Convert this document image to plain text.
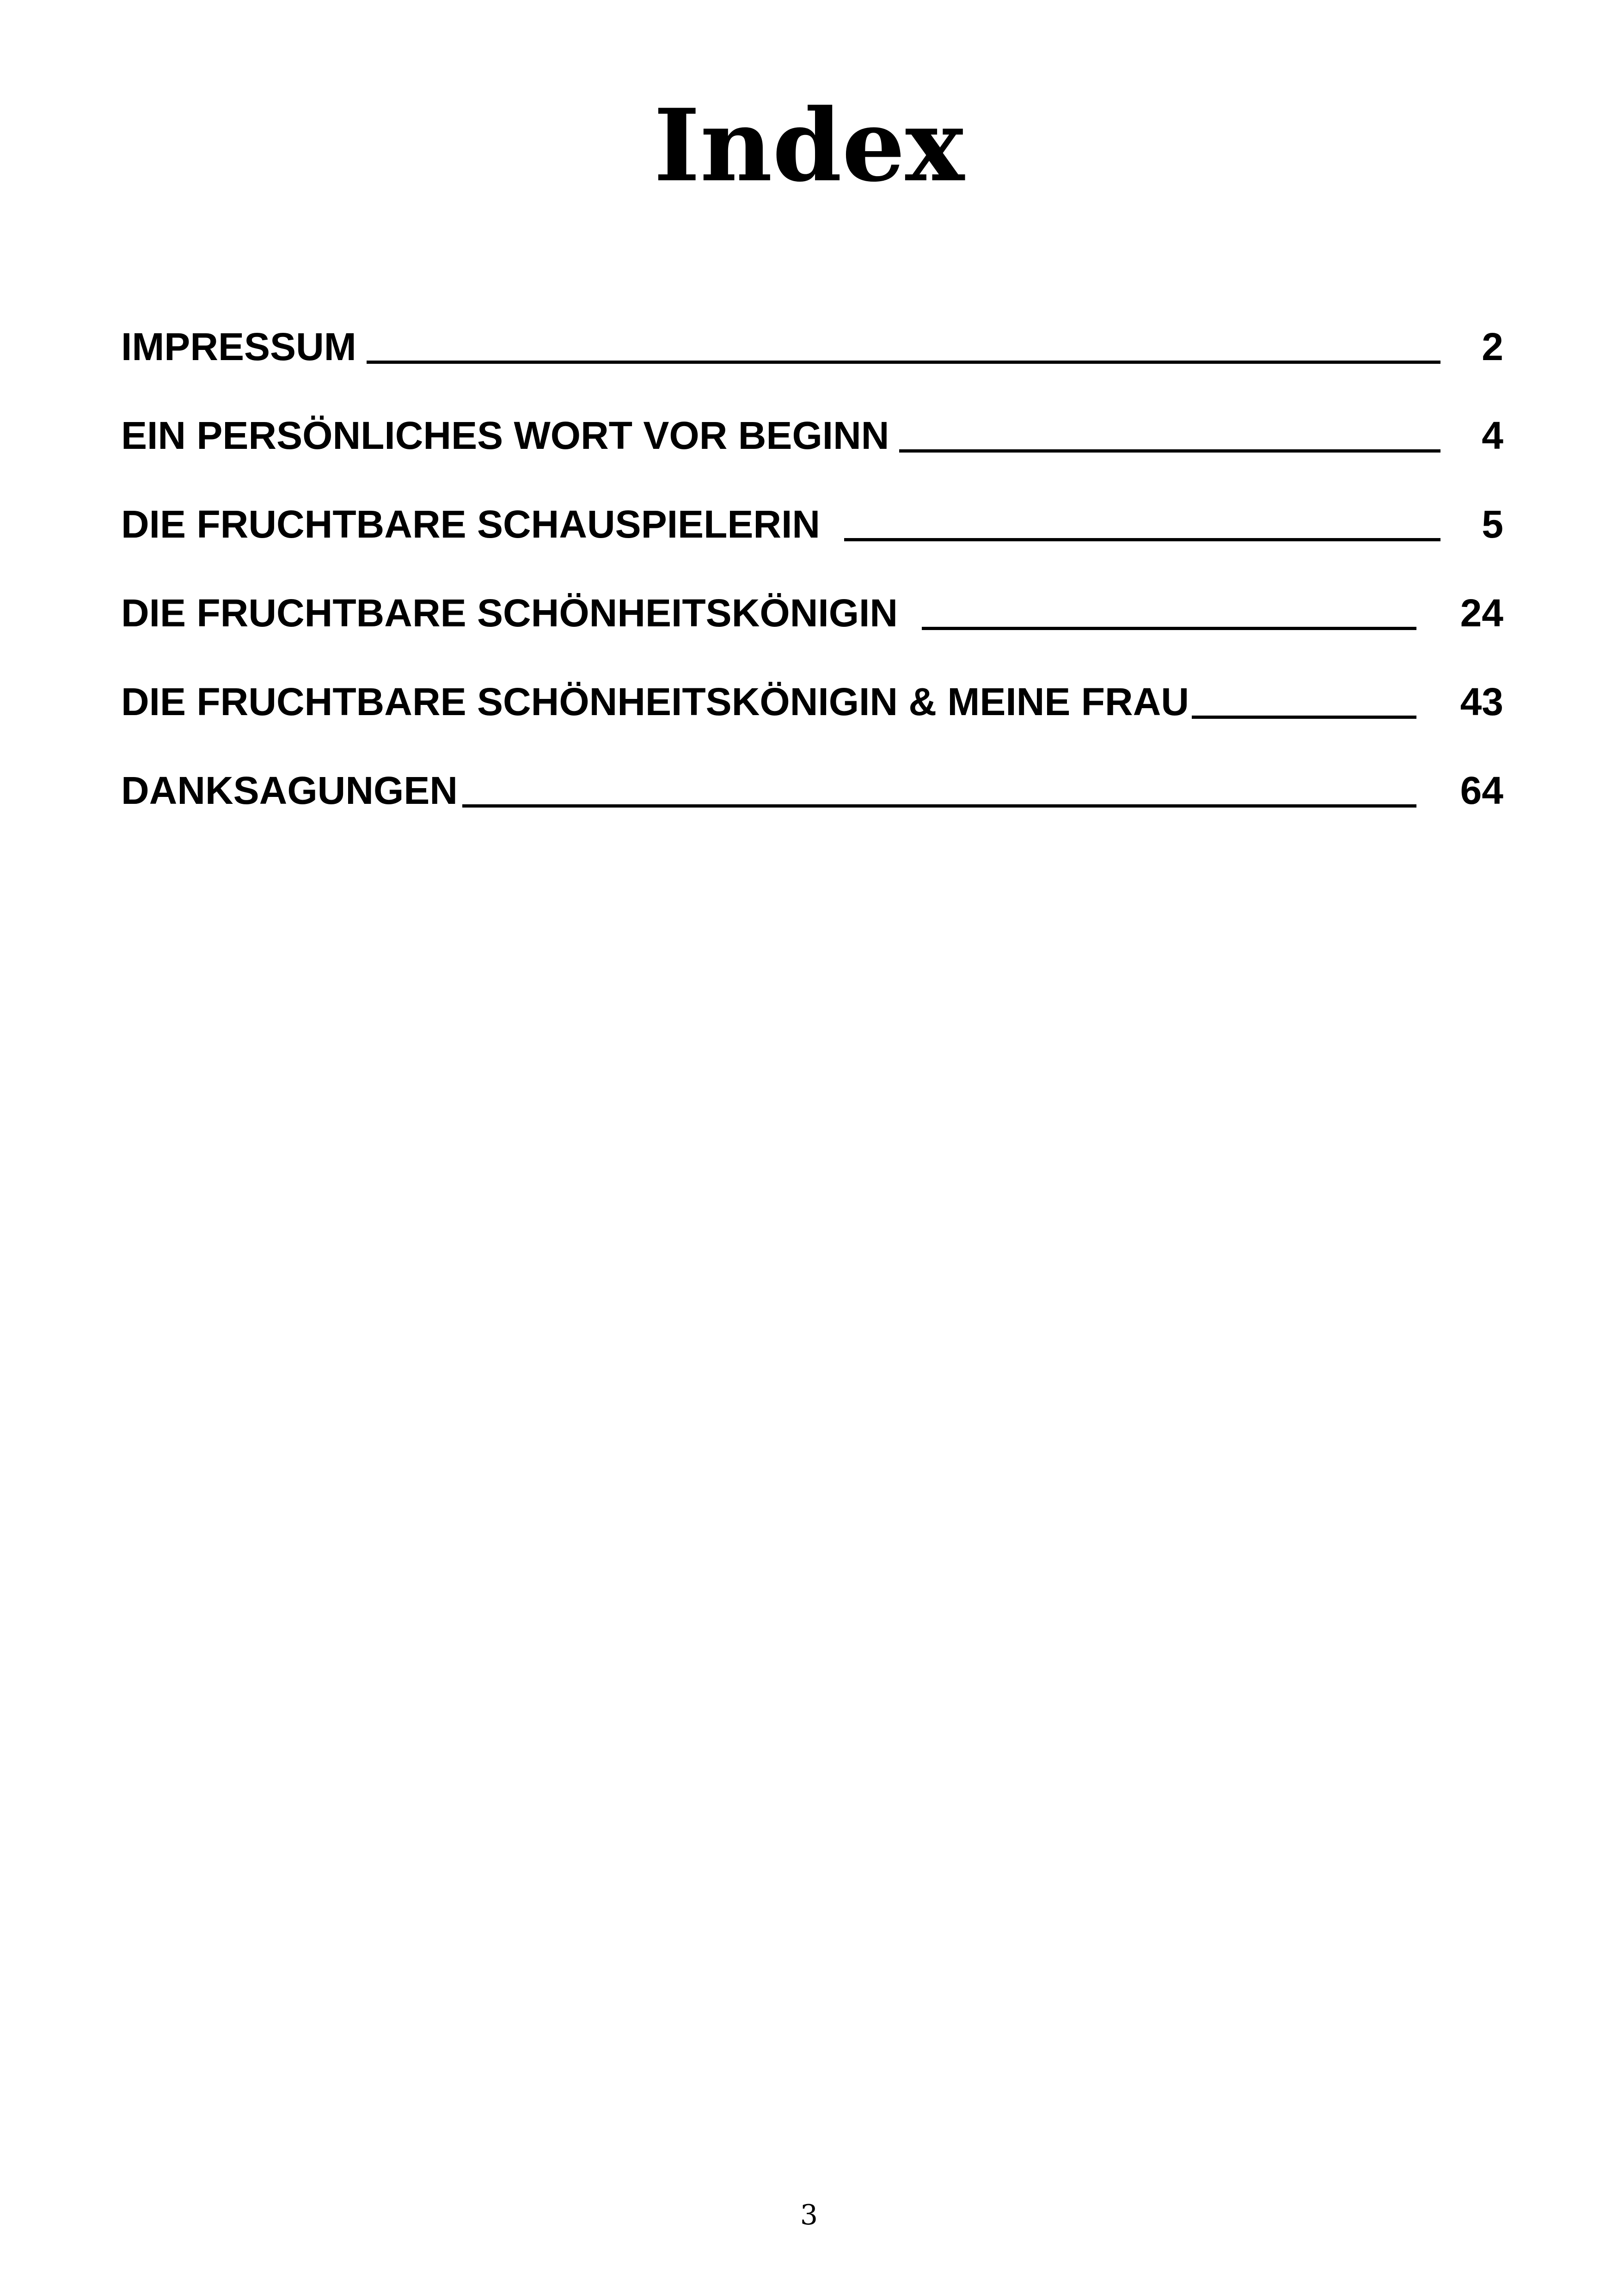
Index
IMPRESSUM	2
EIN PERSÖNLICHES WORT VOR BEGINN	4
DIE FRUCHTBARE SCHAUSPIELERIN	5
DIE FRUCHTBARE SCHÖNHEITSKÖNIGIN	24
DIE FRUCHTBARE SCHÖNHEITSKÖNIGIN & MEINE FRAU	43
DANKSAGUNGEN	64
3
